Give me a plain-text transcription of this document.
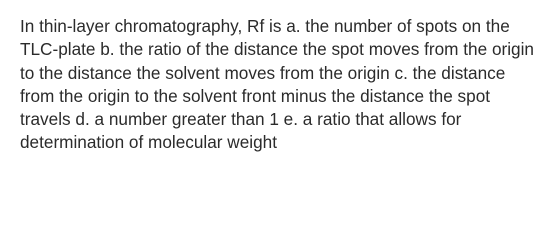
In thin-layer chromatography, Rf is a. the number of spots on the TLC-plate b. the ratio of the distance the spot moves from the origin to the distance the solvent moves from the origin c. the distance from the origin to the solvent front minus the distance the spot travels d. a number greater than 1 e. a ratio that allows for determination of molecular weight
